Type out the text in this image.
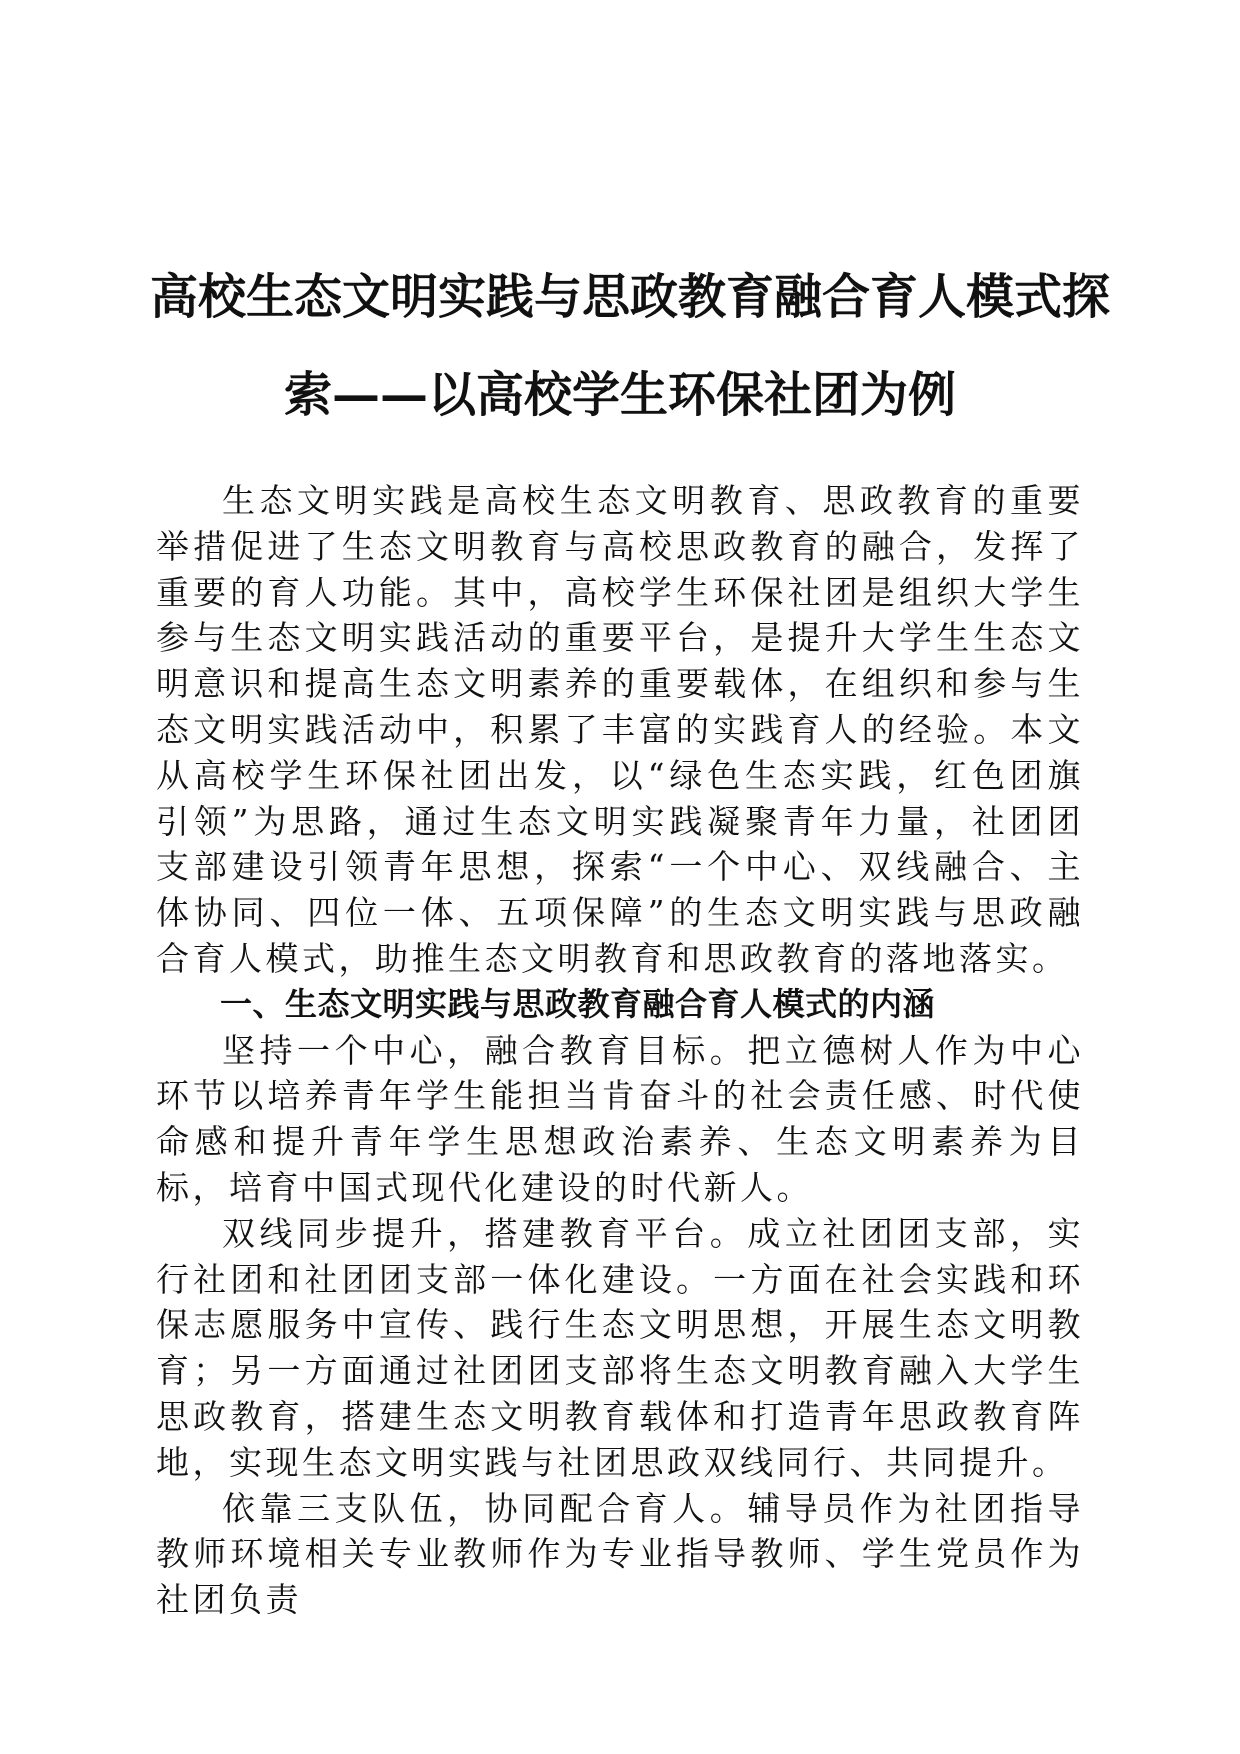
高校生态文明实践与思政教育融合育人模式探
索——以高校学生环保社团为例

生态文明实践是高校生态文明教育、思政教育的重要举措促进了生态文明教育与高校思政教育的融合，发挥了重要的育人功能。其中，高校学生环保社团是组织大学生参与生态文明实践活动的重要平台，是提升大学生生态文明意识和提高生态文明素养的重要载体，在组织和参与生态文明实践活动中，积累了丰富的实践育人的经验。本文从高校学生环保社团出发，以“绿色生态实践，红色团旗引领”为思路，通过生态文明实践凝聚青年力量，社团团支部建设引领青年思想，探索“一个中心、双线融合、主体协同、四位一体、五项保障”的生态文明实践与思政融合育人模式，助推生态文明教育和思政教育的落地落实。

一、生态文明实践与思政教育融合育人模式的内涵

坚持一个中心，融合教育目标。把立德树人作为中心环节以培养青年学生能担当肯奋斗的社会责任感、时代使命感和提升青年学生思想政治素养、生态文明素养为目标，培育中国式现代化建设的时代新人。

双线同步提升，搭建教育平台。成立社团团支部，实行社团和社团团支部一体化建设。一方面在社会实践和环保志愿服务中宣传、践行生态文明思想，开展生态文明教育；另一方面通过社团团支部将生态文明教育融入大学生思政教育，搭建生态文明教育载体和打造青年思政教育阵地，实现生态文明实践与社团思政双线同行、共同提升。

依靠三支队伍，协同配合育人。辅导员作为社团指导教师环境相关专业教师作为专业指导教师、学生党员作为社团负责
